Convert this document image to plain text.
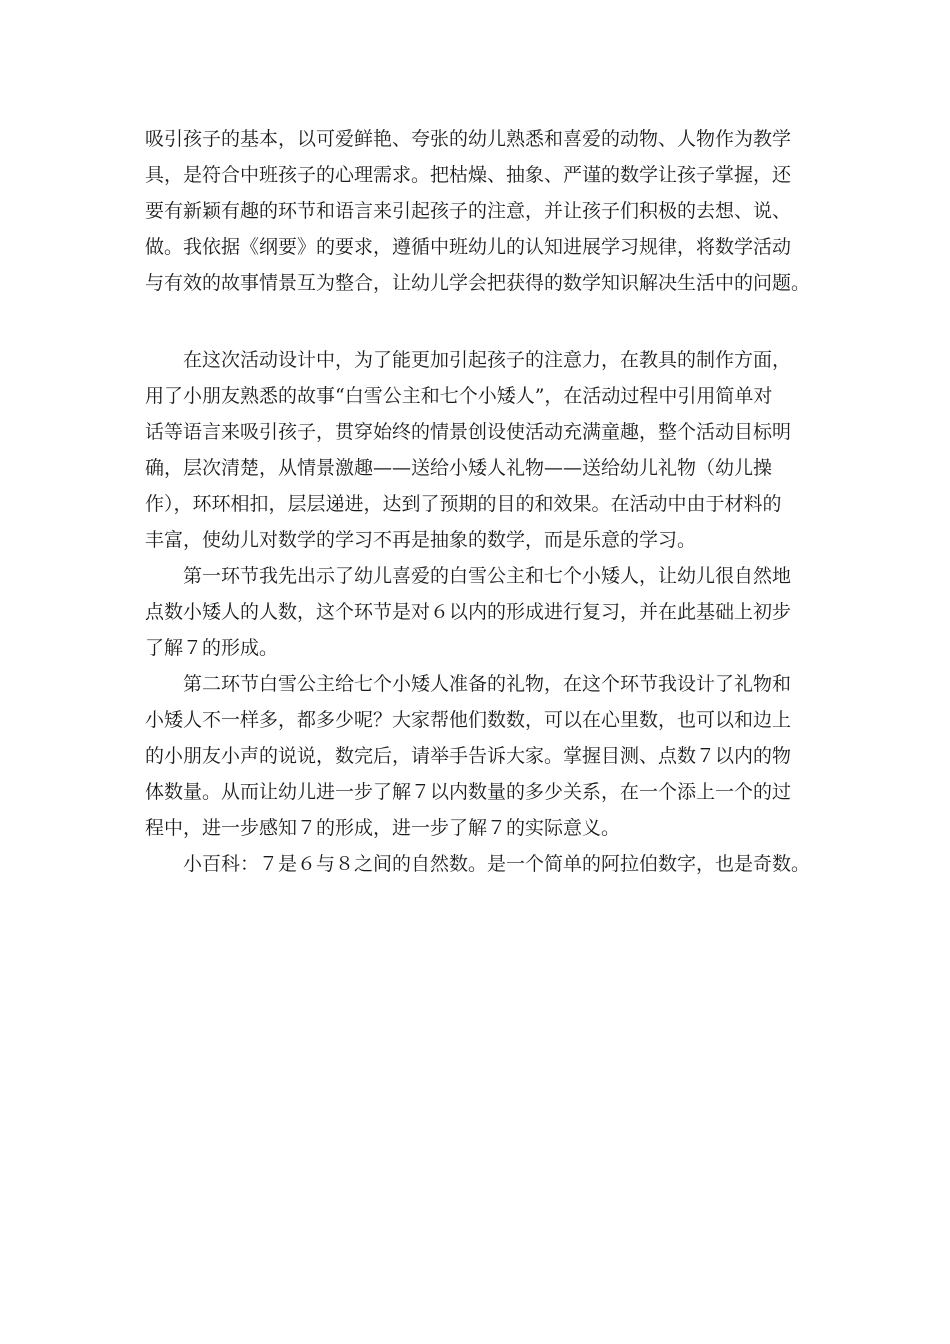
吸引孩子的基本，以可爱鲜艳、夸张的幼儿熟悉和喜爱的动物、人物作为教学
具，是符合中班孩子的心理需求。把枯燥、抽象、严谨的数学让孩子掌握，还
要有新颖有趣的环节和语言来引起孩子的注意，并让孩子们积极的去想、说、
做。我依据《纲要》的要求，遵循中班幼儿的认知进展学习规律，将数学活动
与有效的故事情景互为整合，让幼儿学会把获得的数学知识解决生活中的问题。
在这次活动设计中，为了能更加引起孩子的注意力，在教具的制作方面，
用了小朋友熟悉的故事“白雪公主和七个小矮人”，在活动过程中引用简单对
话等语言来吸引孩子，贯穿始终的情景创设使活动充满童趣，整个活动目标明
确，层次清楚，从情景激趣——送给小矮人礼物——送给幼儿礼物（幼儿操
作），环环相扣，层层递进，达到了预期的目的和效果。在活动中由于材料的
丰富，使幼儿对数学的学习不再是抽象的数学，而是乐意的学习。
第一环节我先出示了幼儿喜爱的白雪公主和七个小矮人，让幼儿很自然地
点数小矮人的人数，这个环节是对６以内的形成进行复习，并在此基础上初步
了解７的形成。
第二环节白雪公主给七个小矮人准备的礼物，在这个环节我设计了礼物和
小矮人不一样多，都多少呢？大家帮他们数数，可以在心里数，也可以和边上
的小朋友小声的说说，数完后，请举手告诉大家。掌握目测、点数７以内的物
体数量。从而让幼儿进一步了解７以内数量的多少关系，在一个添上一个的过
程中，进一步感知７的形成，进一步了解７的实际意义。
小百科：７是６与８之间的自然数。是一个简单的阿拉伯数字，也是奇数。
